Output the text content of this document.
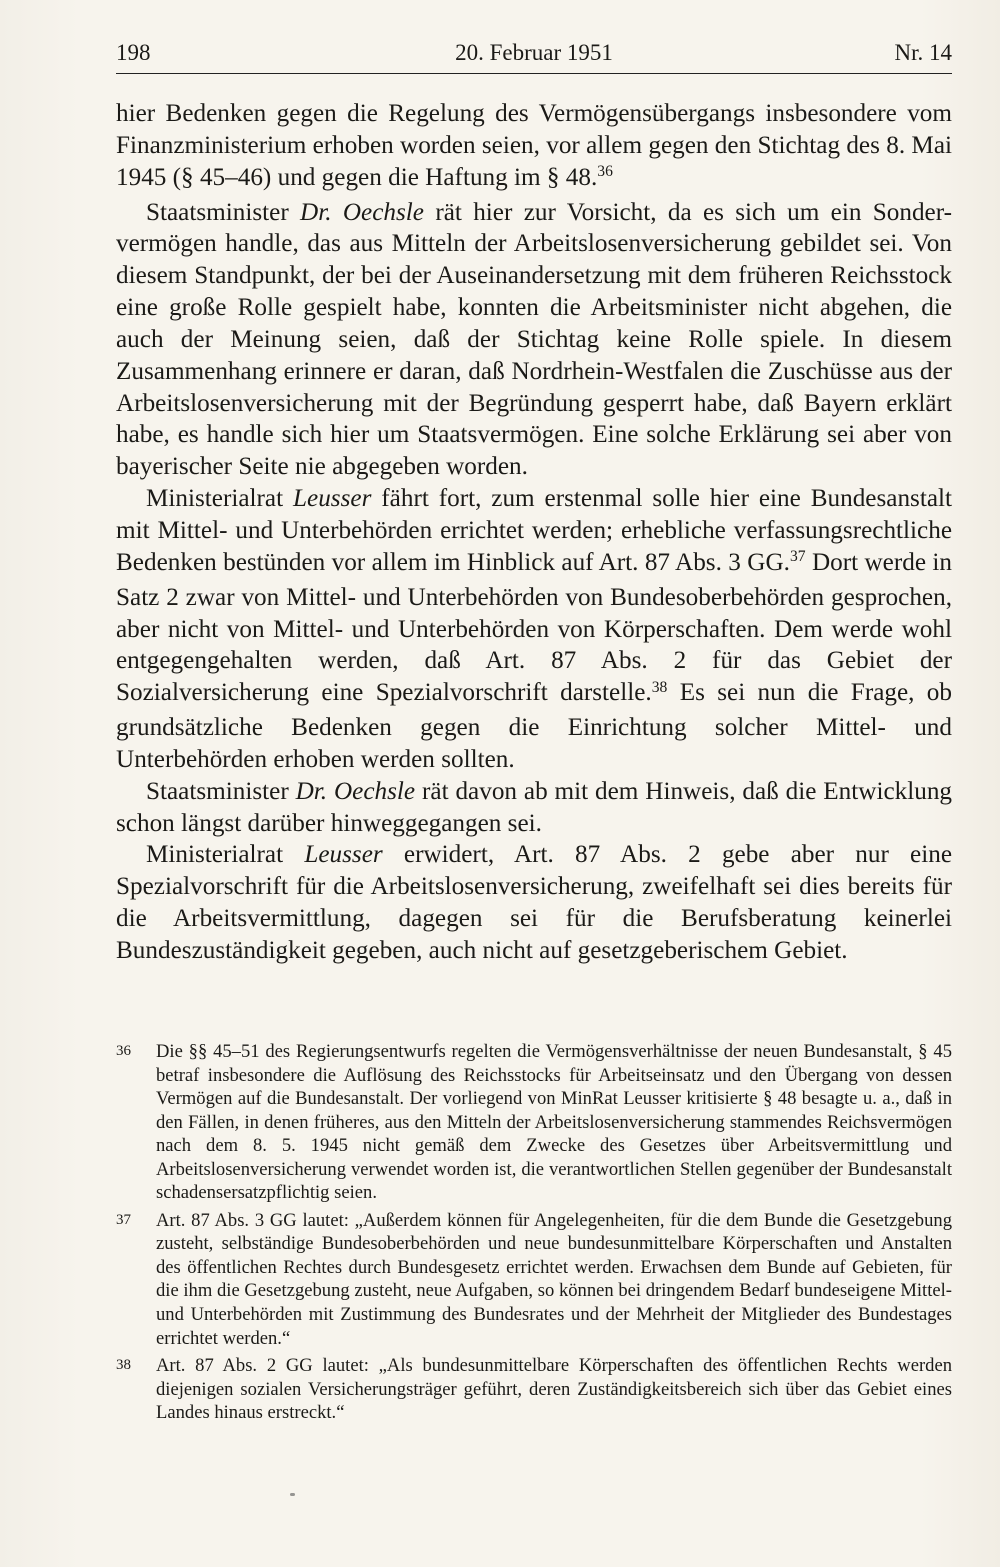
198	20. Februar 1951	Nr. 14

hier Bedenken gegen die Regelung des Vermögensübergangs insbesondere vom Finanzministerium erhoben worden seien, vor allem gegen den Stichtag des 8. Mai 1945 (§ 45–46) und gegen die Haftung im § 48.36

Staatsminister Dr. Oechsle rät hier zur Vorsicht, da es sich um ein Sonder-vermögen handle, das aus Mitteln der Arbeitslosenversicherung gebildet sei. Von diesem Standpunkt, der bei der Auseinandersetzung mit dem früheren Reichsstock eine große Rolle gespielt habe, konnten die Arbeitsminister nicht abgehen, die auch der Meinung seien, daß der Stichtag keine Rolle spiele. In diesem Zusammenhang erinnere er daran, daß Nordrhein-Westfalen die Zuschüsse aus der Arbeitslosenversicherung mit der Begründung gesperrt habe, daß Bayern erklärt habe, es handle sich hier um Staatsvermögen. Eine solche Erklärung sei aber von bayerischer Seite nie abgegeben worden.

Ministerialrat Leusser fährt fort, zum erstenmal solle hier eine Bundesanstalt mit Mittel- und Unterbehörden errichtet werden; erhebliche verfassungsrechtliche Bedenken bestünden vor allem im Hinblick auf Art. 87 Abs. 3 GG.$^{37}$ Dort werde in Satz 2 zwar von Mittel- und Unterbehörden von Bundesoberbehörden gesprochen, aber nicht von Mittel- und Unterbehörden von Körperschaften. Dem werde wohl entgegengehalten werden, daß Art. 87 Abs. 2 für das Gebiet der Sozialversicherung eine Spezialvorschrift darstelle.$^{38}$ Es sei nun die Frage, ob grundsätzliche Bedenken gegen die Einrichtung solcher Mittel- und Unterbehörden erhoben werden sollten.

Staatsminister Dr. Oechsle rät davon ab mit dem Hinweis, daß die Entwicklung schon längst darüber hinweggegangen sei.

Ministerialrat Leusser erwidert, Art. 87 Abs. 2 gebe aber nur eine Spezialvorschrift für die Arbeitslosenversicherung, zweifelhaft sei dies bereits für die Arbeitsvermittlung, dagegen sei für die Berufsberatung keinerlei Bundeszuständigkeit gegeben, auch nicht auf gesetzgeberischem Gebiet.

36 Die §§ 45–51 des Regierungsentwurfs regelten die Vermögensverhältnisse der neuen Bundesanstalt, § 45 betraf insbesondere die Auflösung des Reichsstocks für Arbeitseinsatz und den Übergang von dessen Vermögen auf die Bundesanstalt. Der vorliegend von MinRat Leusser kritisierte § 48 besagte u. a., daß in den Fällen, in denen früheres, aus den Mitteln der Arbeitslosenversicherung stammendes Reichsvermögen nach dem 8. 5. 1945 nicht gemäß dem Zwecke des Gesetzes über Arbeitsvermittlung und Arbeitslosenversicherung verwendet worden ist, die verantwortlichen Stellen gegenüber der Bundesanstalt schadensersatzpflichtig seien.
37 Art. 87 Abs. 3 GG lautet: „Außerdem können für Angelegenheiten, für die dem Bunde die Gesetzgebung zusteht, selbständige Bundesoberbehörden und neue bundesunmittelbare Körperschaften und Anstalten des öffentlichen Rechtes durch Bundesgesetz errichtet werden. Erwachsen dem Bunde auf Gebieten, für die ihm die Gesetzgebung zusteht, neue Aufgaben, so können bei dringendem Bedarf bundeseigene Mittel- und Unterbehörden mit Zustimmung des Bundesrates und der Mehrheit der Mitglieder des Bundestages errichtet werden.“
38 Art. 87 Abs. 2 GG lautet: „Als bundesunmittelbare Körperschaften des öffentlichen Rechts werden diejenigen sozialen Versicherungsträger geführt, deren Zuständigkeitsbereich sich über das Gebiet eines Landes hinaus erstreckt.“
